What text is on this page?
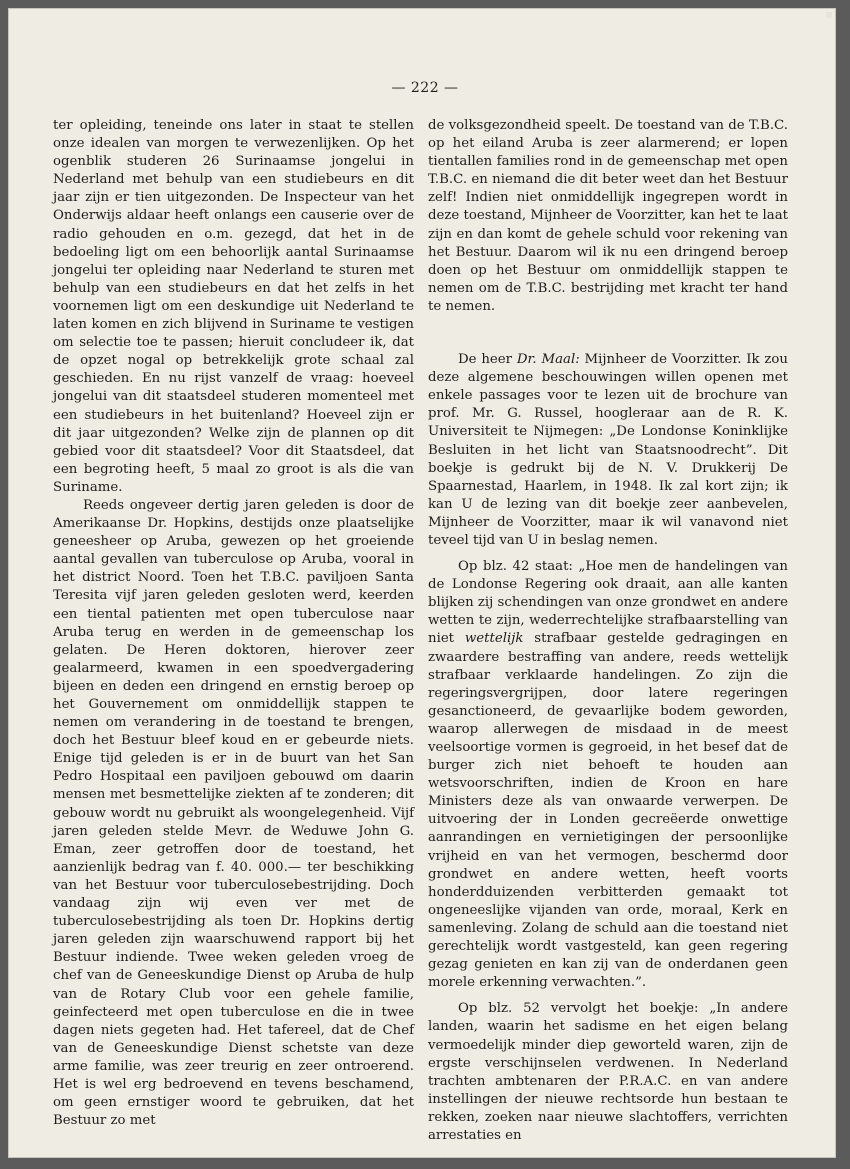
— 222 —

ter opleiding, teneinde ons later in staat te stellen onze idealen van morgen te verwezenlijken. Op het ogenblik studeren 26 Surinaamse jongelui in Nederland met behulp van een studiebeurs en dit jaar zijn er tien uitgezonden. De Inspecteur van het Onderwijs aldaar heeft onlangs een causerie over de radio gehouden en o.m. gezegd, dat het in de bedoeling ligt om een behoorlijk aantal Surinaamse jongelui ter opleiding naar Nederland te sturen met behulp van een studiebeurs en dat het zelfs in het voornemen ligt om een deskundige uit Nederland te laten komen en zich blijvend in Suriname te vestigen om selectie toe te passen; hieruit concludeer ik, dat de opzet nogal op betrekkelijk grote schaal zal geschieden. En nu rijst vanzelf de vraag: hoeveel jongelui van dit staatsdeel studeren momenteel met een studiebeurs in het buitenland? Hoeveel zijn er dit jaar uitgezonden? Welke zijn de plannen op dit gebied voor dit staatsdeel? Voor dit Staatsdeel, dat een begroting heeft, 5 maal zo groot is als die van Suriname.

Reeds ongeveer dertig jaren geleden is door de Amerikaanse Dr. Hopkins, destijds onze plaatselijke geneesheer op Aruba, gewezen op het groeiende aantal gevallen van tuberculose op Aruba, vooral in het district Noord. Toen het T.B.C. paviljoen Santa Teresita vijf jaren geleden gesloten werd, keerden een tiental patienten met open tuberculose naar Aruba terug en werden in de gemeenschap los gelaten. De Heren doktoren, hierover zeer gealarmeerd, kwamen in een spoedvergadering bijeen en deden een dringend en ernstig beroep op het Gouvernement om onmiddellijk stappen te nemen om verandering in de toestand te brengen, doch het Bestuur bleef koud en er gebeurde niets. Enige tijd geleden is er in de buurt van het San Pedro Hospitaal een paviljoen gebouwd om daarin mensen met besmettelijke ziekten af te zonderen; dit gebouw wordt nu gebruikt als woongelegenheid. Vijf jaren geleden stelde Mevr. de Weduwe John G. Eman, zeer getroffen door de toestand, het aanzienlijk bedrag van f. 40. 000.— ter beschikking van het Bestuur voor tuberculosebestrijding. Doch vandaag zijn wij even ver met de tuberculosebestrijding als toen Dr. Hopkins dertig jaren geleden zijn waarschuwend rapport bij het Bestuur indiende. Twee weken geleden vroeg de chef van de Geneeskundige Dienst op Aruba de hulp van de Rotary Club voor een gehele familie, geinfecteerd met open tuberculose en die in twee dagen niets gegeten had. Het tafereel, dat de Chef van de Geneeskundige Dienst schetste van deze arme familie, was zeer treurig en zeer ontroerend. Het is wel erg bedroevend en tevens beschamend, om geen ernstiger woord te gebruiken, dat het Bestuur zo met

de volksgezondheid speelt. De toestand van de T.B.C. op het eiland Aruba is zeer alarmerend; er lopen tientallen families rond in de gemeenschap met open T.B.C. en niemand die dit beter weet dan het Bestuur zelf! Indien niet onmiddellijk ingegrepen wordt in deze toestand, Mijnheer de Voorzitter, kan het te laat zijn en dan komt de gehele schuld voor rekening van het Bestuur. Daarom wil ik nu een dringend beroep doen op het Bestuur om onmiddellijk stappen te nemen om de T.B.C. bestrijding met kracht ter hand te nemen.

De heer Dr. Maal: Mijnheer de Voorzitter. Ik zou deze algemene beschouwingen willen openen met enkele passages voor te lezen uit de brochure van prof. Mr. G. Russel, hoogleraar aan de R. K. Universiteit te Nijmegen: „De Londonse Koninklijke Besluiten in het licht van Staatsnoodrecht”. Dit boekje is gedrukt bij de N. V. Drukkerij De Spaarnestad, Haarlem, in 1948. Ik zal kort zijn; ik kan U de lezing van dit boekje zeer aanbevelen, Mijnheer de Voorzitter, maar ik wil vanavond niet teveel tijd van U in beslag nemen.

Op blz. 42 staat: „Hoe men de handelingen van de Londonse Regering ook draait, aan alle kanten blijken zij schendingen van onze grondwet en andere wetten te zijn, wederrechtelijke strafbaarstelling van niet wettelijk strafbaar gestelde gedragingen en zwaardere bestraffing van andere, reeds wettelijk strafbaar verklaarde handelingen. Zo zijn die regeringsvergrijpen, door latere regeringen gesanctioneerd, de gevaarlijke bodem geworden, waarop allerwegen de misdaad in de meest veelsoortige vormen is gegroeid, in het besef dat de burger zich niet behoeft te houden aan wetsvoorschriften, indien de Kroon en hare Ministers deze als van onwaarde verwerpen. De uitvoering der in Londen gecreëerde onwettige aanrandingen en vernietigingen der persoonlijke vrijheid en van het vermogen, beschermd door grondwet en andere wetten, heeft voorts honderdduizenden verbitterden gemaakt tot ongeneeslijke vijanden van orde, moraal, Kerk en samenleving. Zolang de schuld aan die toestand niet gerechtelijk wordt vastgesteld, kan geen regering gezag genieten en kan zij van de onderdanen geen morele erkenning verwachten.”.

Op blz. 52 vervolgt het boekje: „In andere landen, waarin het sadisme en het eigen belang vermoedelijk minder diep geworteld waren, zijn de ergste verschijnselen verdwenen. In Nederland trachten ambtenaren der P.R.A.C. en van andere instellingen der nieuwe rechtsorde hun bestaan te rekken, zoeken naar nieuwe slachtoffers, verrichten arrestaties en
